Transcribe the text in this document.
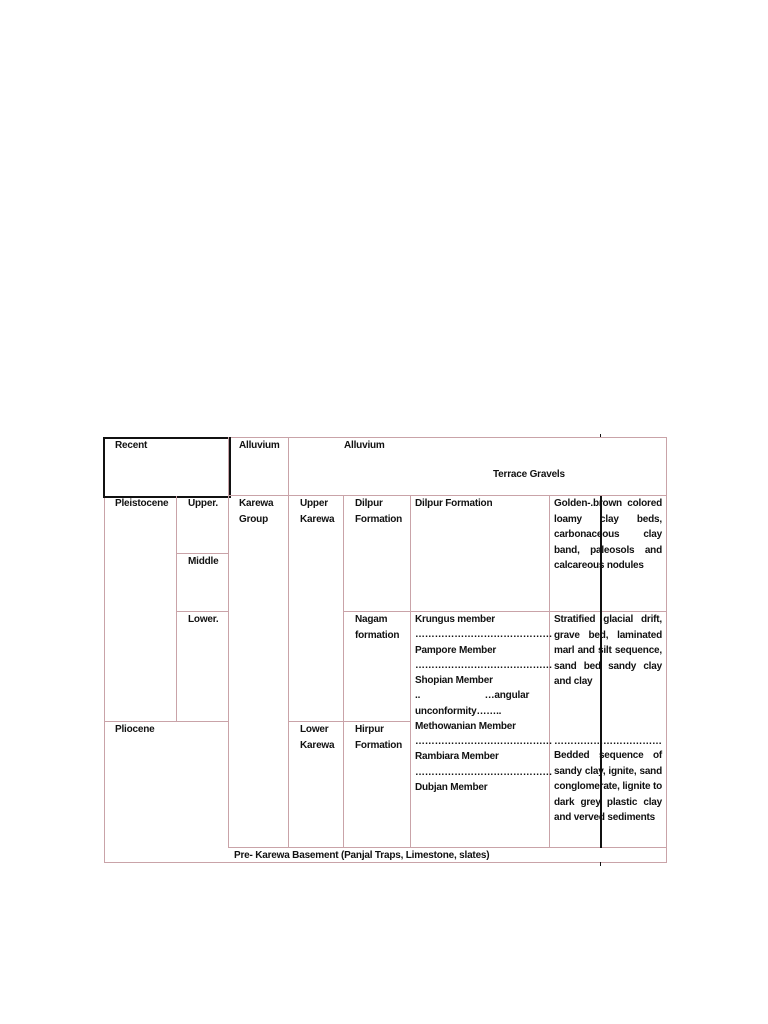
Recent	Alluvium	Alluvium
Terrace Gravels
Pleistocene Upper.
Middle
Lower.
Pliocene
Karewa
Group
Upper
Karewa
Lower
Karewa
Dilpur
Formation
Nagam
formation
Hirpur
Formation
Dilpur Formation
Krungus member
……………………………………
Pampore Member
……………………………………
Shopian Member
..                         …angular
unconformity……..
Methowanian Member
……………………………………
Rambiara Member
……………………………………
Dubjan Member
Golden-.brown colored loamy clay beds, carbonaceous clay band, paleosols and calcareous nodules
Stratified glacial drift, grave bed, laminated marl and silt sequence, sand bed sandy clay and clay
……………………………
Bedded sequence of sandy clay, ignite, sand conglomerate, lignite to dark grey plastic clay and verved sediments
Pre- Karewa Basement (Panjal Traps, Limestone, slates)
